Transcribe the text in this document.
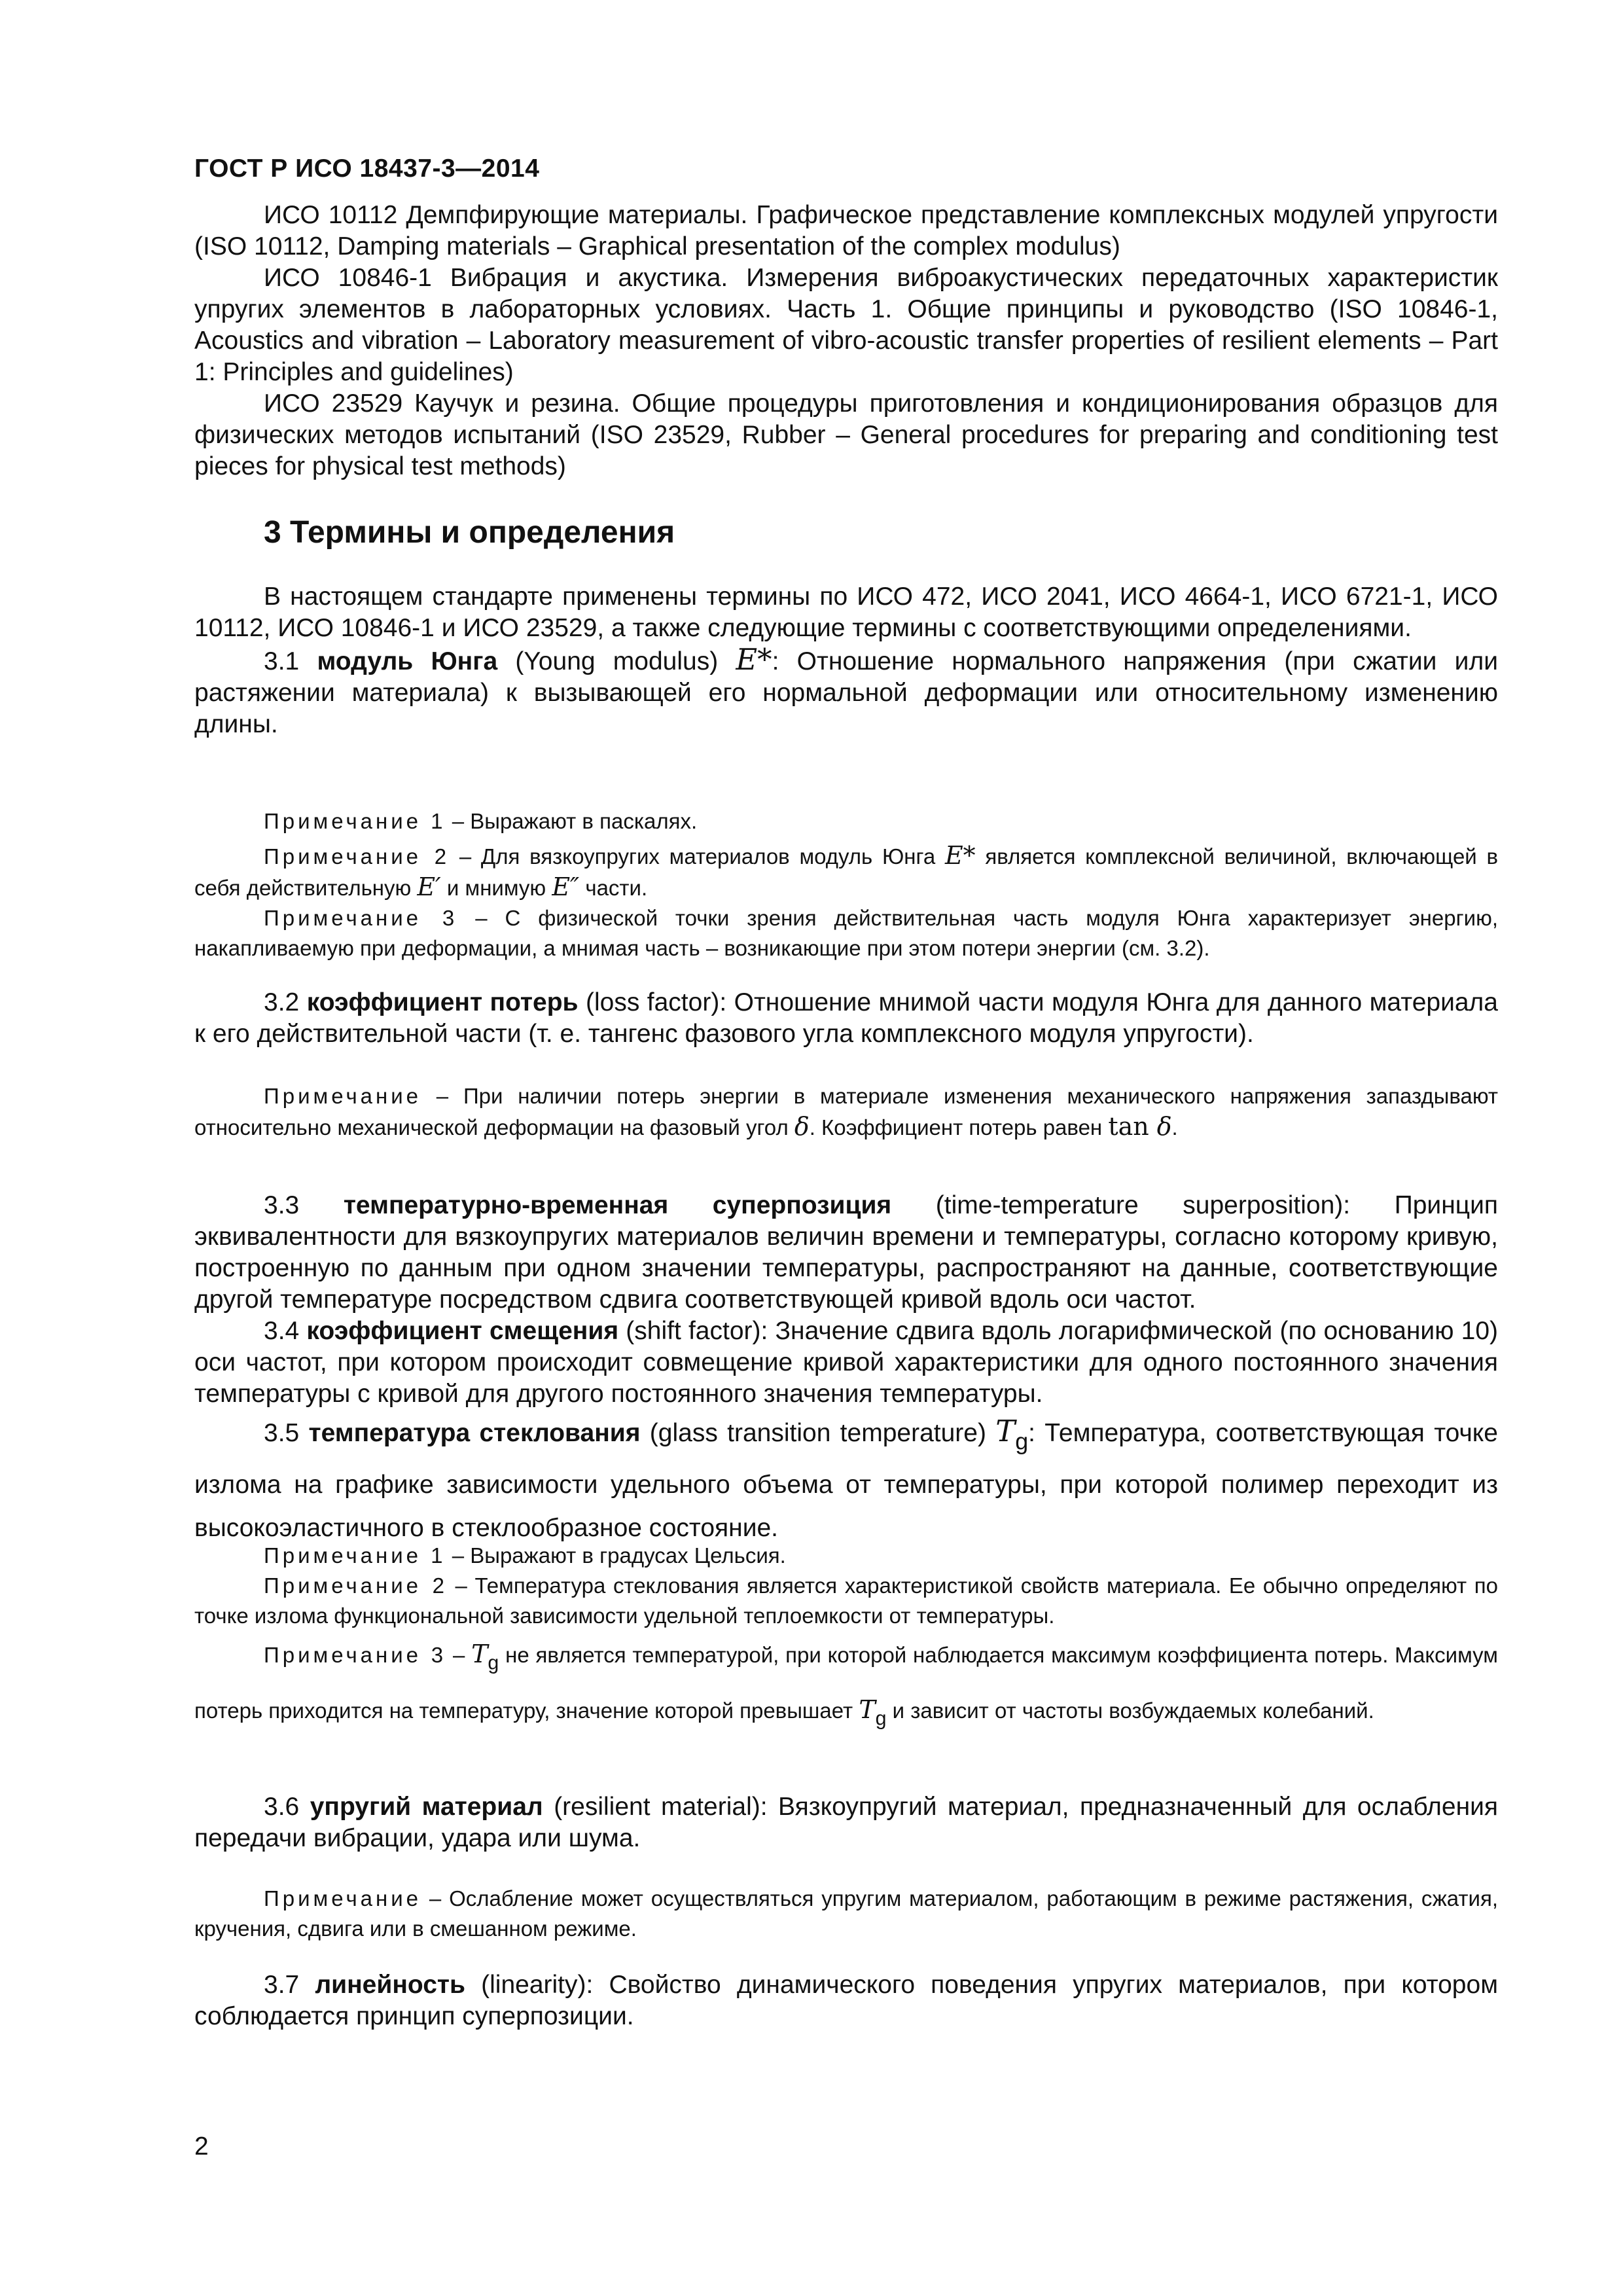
ГОСТ Р ИСО 18437-3—2014

ИСО 10112 Демпфирующие материалы. Графическое представление комплексных модулей упругости (ISO 10112, Damping materials – Graphical presentation of the complex modulus)

ИСО 10846-1 Вибрация и акустика. Измерения виброакустических передаточных характеристик упругих элементов в лабораторных условиях. Часть 1. Общие принципы и руководство (ISO 10846-1, Acoustics and vibration – Laboratory measurement of vibro-acoustic transfer properties of resilient elements – Part 1: Principles and guidelines)

ИСО 23529 Каучук и резина. Общие процедуры приготовления и кондиционирования образцов для физических методов испытаний (ISO 23529, Rubber – General procedures for preparing and conditioning test pieces for physical test methods)

3 Термины и определения

В настоящем стандарте применены термины по ИСО 472, ИСО 2041, ИСО 4664-1, ИСО 6721-1, ИСО 10112, ИСО 10846-1 и ИСО 23529, а также следующие термины с соответствующими определениями.

3.1 модуль Юнга (Young modulus) E*: Отношение нормального напряжения (при сжатии или растяжении материала) к вызывающей его нормальной деформации или относительному изменению длины.

Примечание 1 – Выражают в паскалях.

Примечание 2 – Для вязкоупругих материалов модуль Юнга E* является комплексной величиной, включающей в себя действительную E′ и мнимую E″ части.

Примечание 3 – С физической точки зрения действительная часть модуля Юнга характеризует энергию, накапливаемую при деформации, а мнимая часть – возникающие при этом потери энергии (см. 3.2).

3.2 коэффициент потерь (loss factor): Отношение мнимой части модуля Юнга для данного материала к его действительной части (т. е. тангенс фазового угла комплексного модуля упругости).

Примечание – При наличии потерь энергии в материале изменения механического напряжения запаздывают относительно механической деформации на фазовый угол δ. Коэффициент потерь равен tan δ.

3.3 температурно-временная суперпозиция (time-temperature superposition): Принцип эквивалентности для вязкоупругих материалов величин времени и температуры, согласно которому кривую, построенную по данным при одном значении температуры, распространяют на данные, соответствующие другой температуре посредством сдвига соответствующей кривой вдоль оси частот.

3.4 коэффициент смещения (shift factor): Значение сдвига вдоль логарифмической (по основанию 10) оси частот, при котором происходит совмещение кривой характеристики для одного постоянного значения температуры с кривой для другого постоянного значения температуры.

3.5 температура стеклования (glass transition temperature) $T_g$: Температура, соответствующая точке излома на графике зависимости удельного объема от температуры, при которой полимер переходит из высокоэластичного в стеклообразное состояние.

Примечание 1 – Выражают в градусах Цельсия.

Примечание 2 – Температура стеклования является характеристикой свойств материала. Ее обычно определяют по точке излома функциональной зависимости удельной теплоемкости от температуры.

Примечание $3 - T_g$ не является температурой, при которой наблюдается максимум коэффициента потерь. Максимум потерь приходится на температуру, значение которой превышает $T_g$ и зависит от частоты возбуждаемых колебаний.

3.6 упругий материал (resilient material): Вязкоупругий материал, предназначенный для ослабления передачи вибрации, удара или шума.

Примечание – Ослабление может осуществляться упругим материалом, работающим в режиме растяжения, сжатия, кручения, сдвига или в смешанном режиме.

3.7 линейность (linearity): Свойство динамического поведения упругих материалов, при котором соблюдается принцип суперпозиции.

2
